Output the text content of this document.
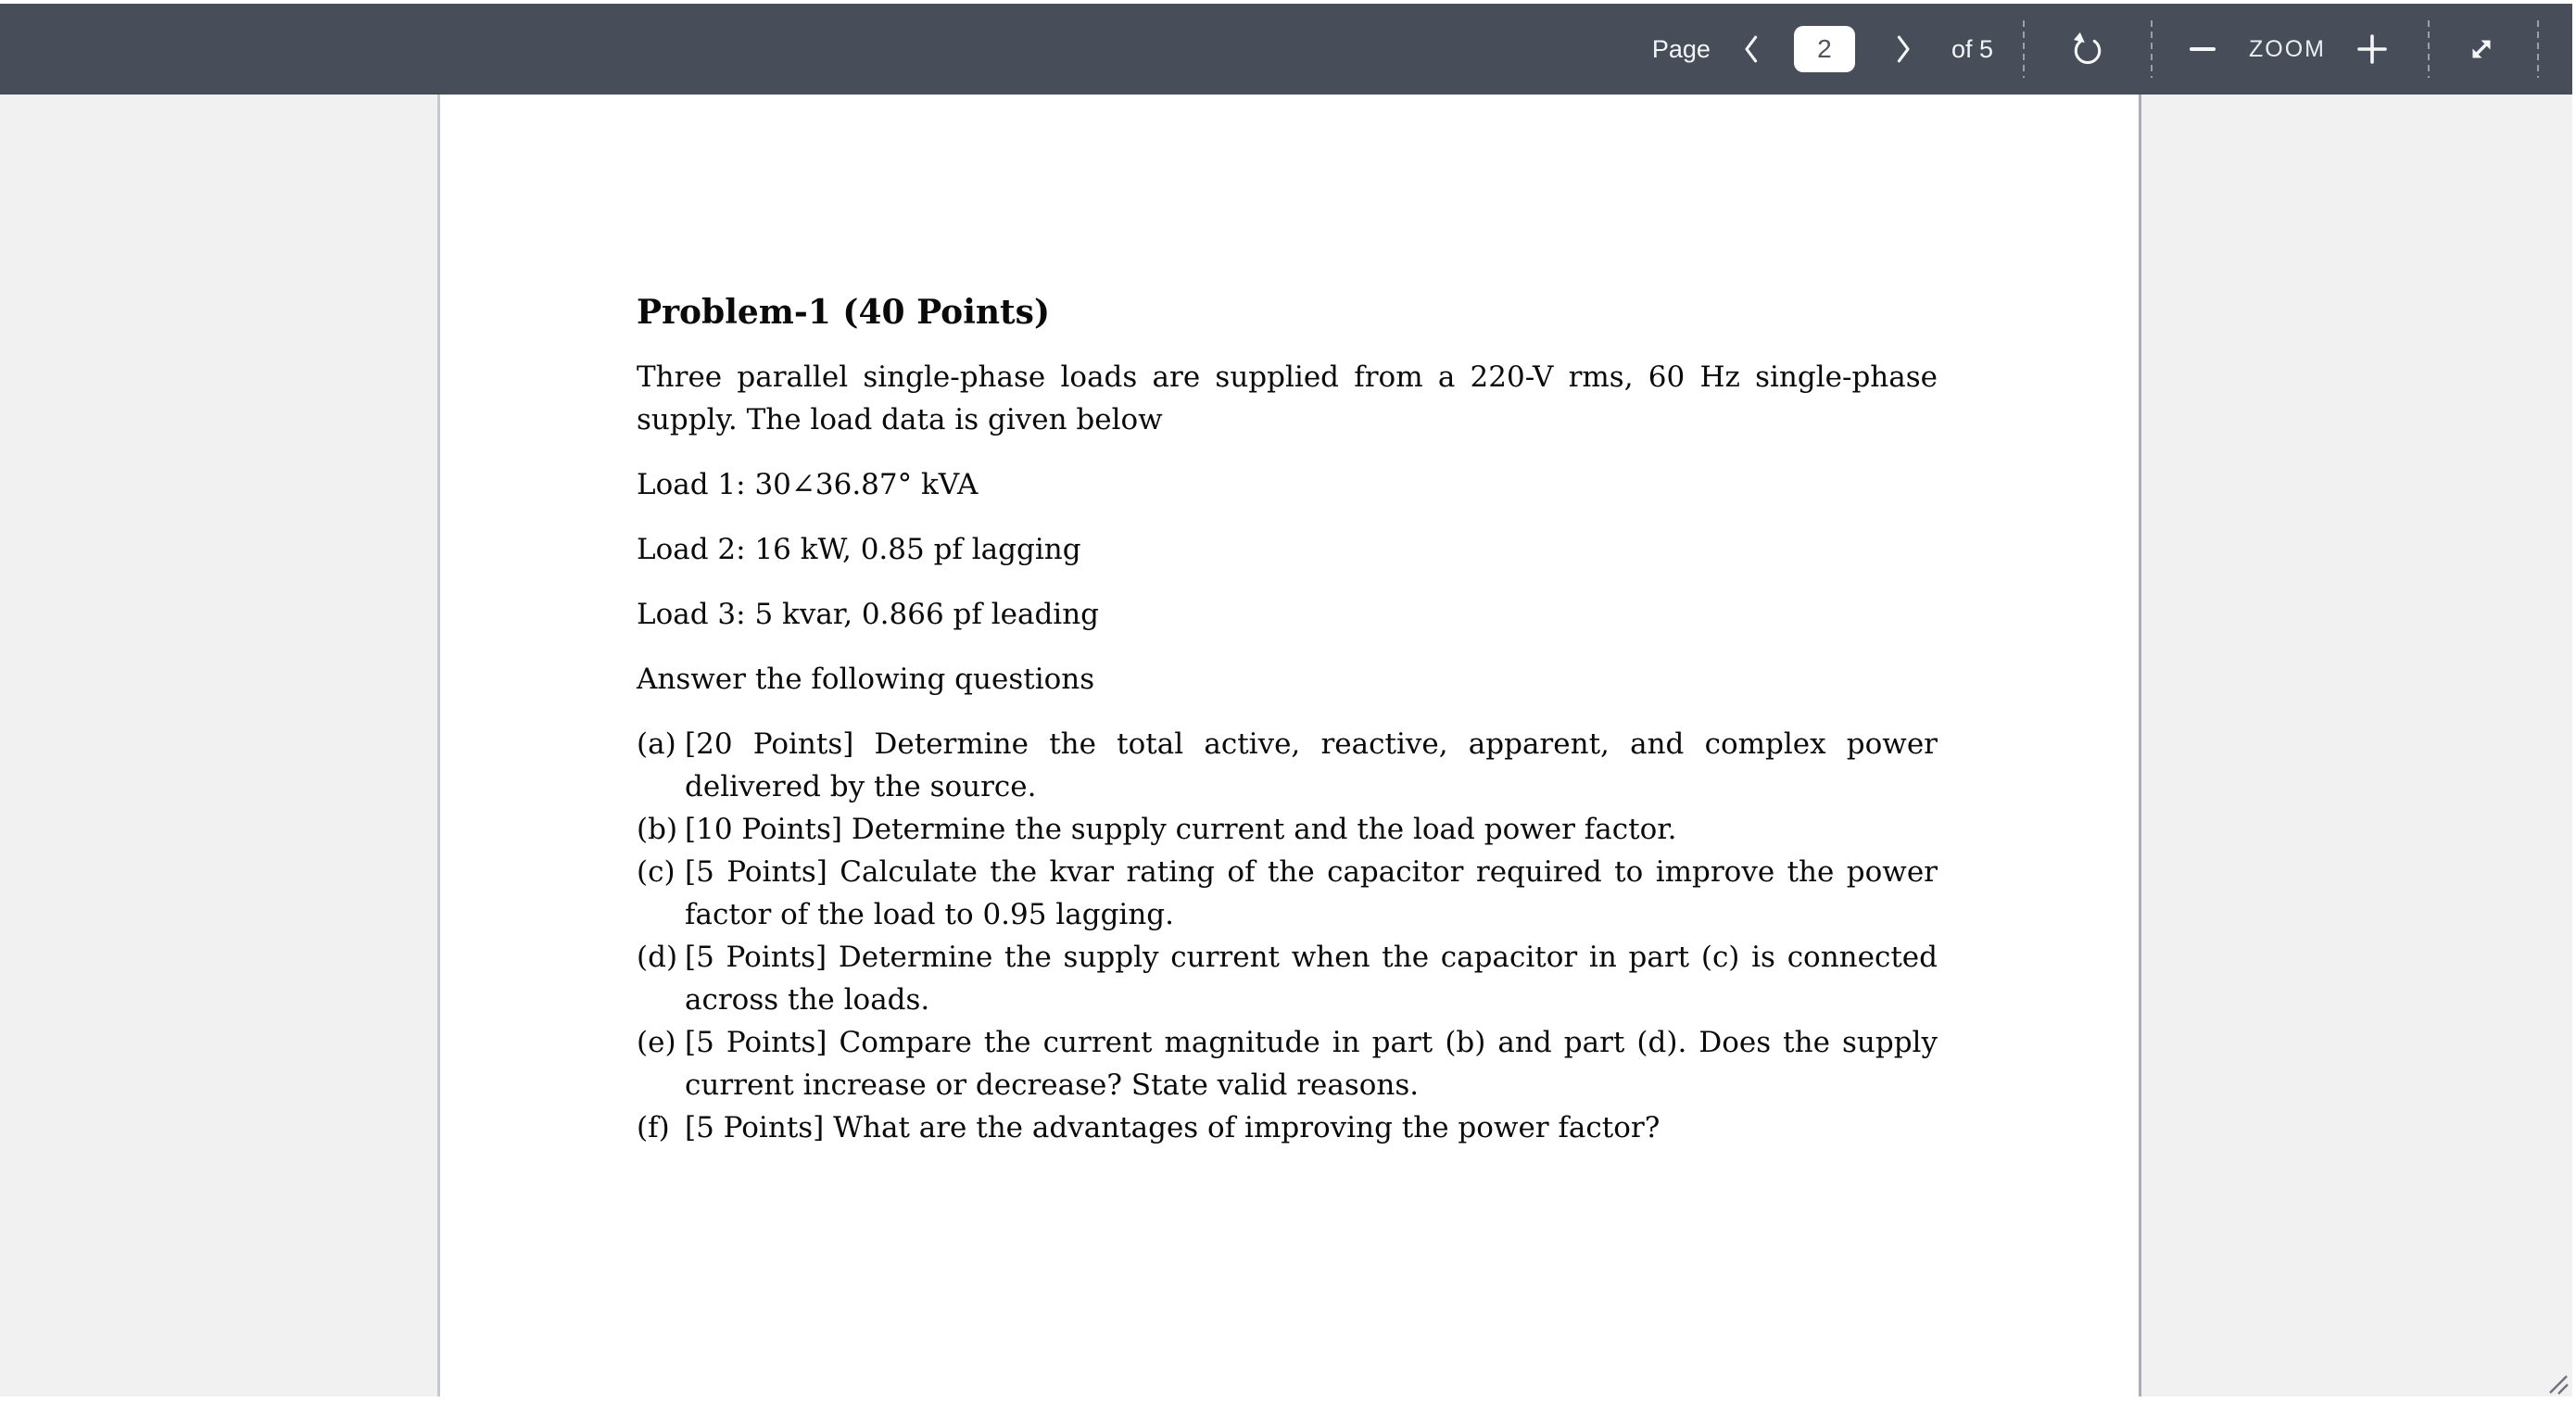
Page
2	of 5	ZOOM
Problem-1 (40 Points)

Three parallel single-phase loads are supplied from a 220-V rms, 60 Hz single-phase supply. The load data is given below

Load 1: 30∠36.87° kVA

Load 2: 16 kW, 0.85 pf lagging

Load 3: 5 kvar, 0.866 pf leading

Answer the following questions

(a) [20 Points] Determine the total active, reactive, apparent, and complex power delivered by the source.
(b) [10 Points] Determine the supply current and the load power factor.
(c) [5 Points] Calculate the kvar rating of the capacitor required to improve the power factor of the load to 0.95 lagging.
(d) [5 Points] Determine the supply current when the capacitor in part (c) is connected across the loads.
(e) [5 Points] Compare the current magnitude in part (b) and part (d). Does the supply current increase or decrease? State valid reasons.
(f) [5 Points] What are the advantages of improving the power factor?
